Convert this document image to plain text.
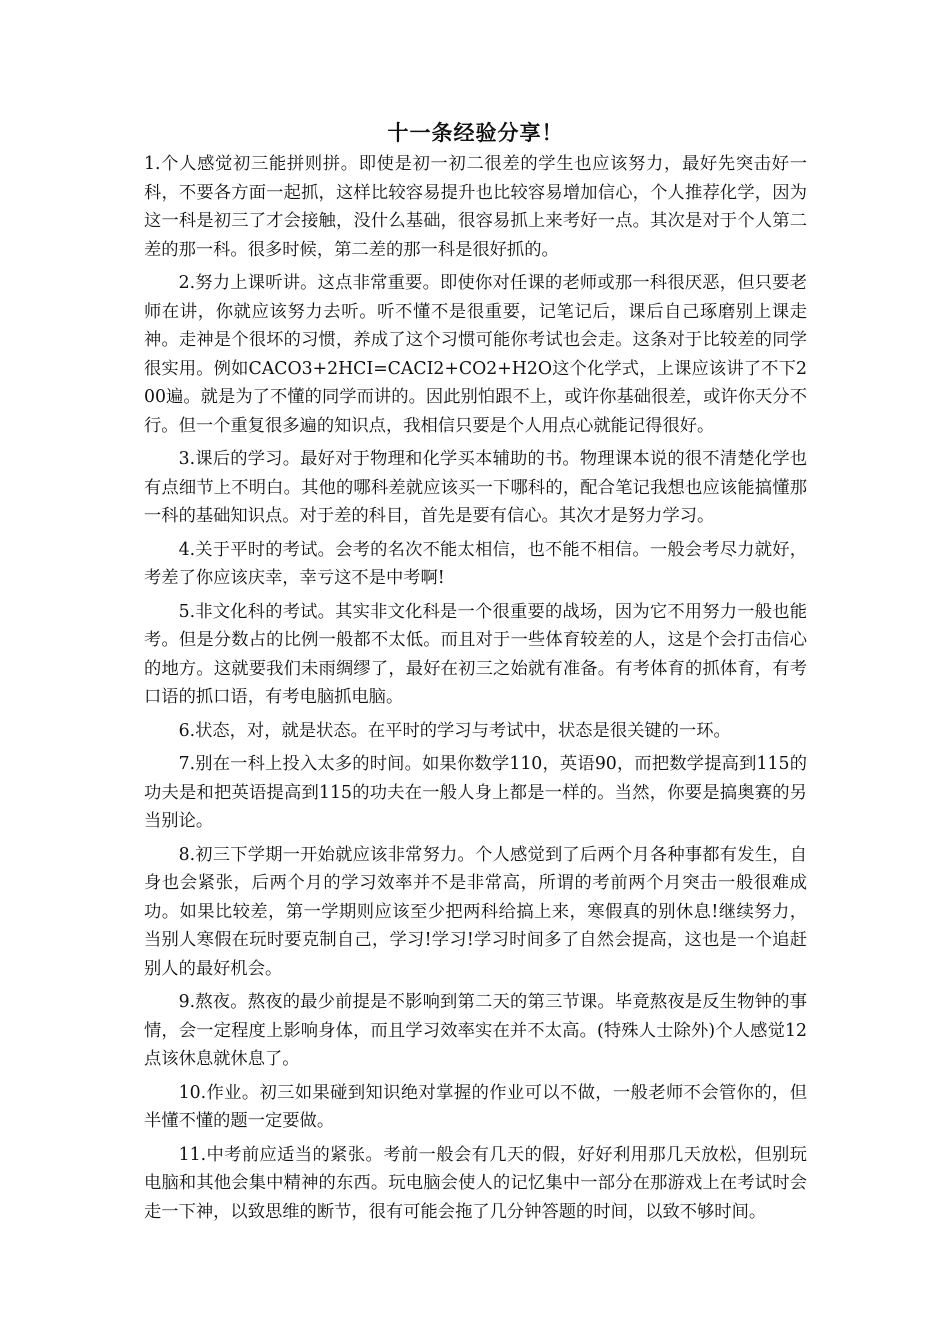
十一条经验分享！

1.个人感觉初三能拼则拼。即使是初一初二很差的学生也应该努力，最好先突击好一科，不要各方面一起抓，这样比较容易提升也比较容易增加信心，个人推荐化学，因为这一科是初三了才会接触，没什么基础，很容易抓上来考好一点。其次是对于个人第二差的那一科。很多时候，第二差的那一科是很好抓的。

2.努力上课听讲。这点非常重要。即使你对任课的老师或那一科很厌恶，但只要老师在讲，你就应该努力去听。听不懂不是很重要，记笔记后，课后自己琢磨别上课走神。走神是个很坏的习惯，养成了这个习惯可能你考试也会走。这条对于比较差的同学很实用。例如CACO3+2HCI=CACI2+CO2+H2O这个化学式，上课应该讲了不下200遍。就是为了不懂的同学而讲的。因此别怕跟不上，或许你基础很差，或许你天分不行。但一个重复很多遍的知识点，我相信只要是个人用点心就能记得很好。

3.课后的学习。最好对于物理和化学买本辅助的书。物理课本说的很不清楚化学也有点细节上不明白。其他的哪科差就应该买一下哪科的，配合笔记我想也应该能搞懂那一科的基础知识点。对于差的科目，首先是要有信心。其次才是努力学习。

4.关于平时的考试。会考的名次不能太相信，也不能不相信。一般会考尽力就好，考差了你应该庆幸，幸亏这不是中考啊!

5.非文化科的考试。其实非文化科是一个很重要的战场，因为它不用努力一般也能考。但是分数占的比例一般都不太低。而且对于一些体育较差的人，这是个会打击信心的地方。这就要我们未雨绸缪了，最好在初三之始就有准备。有考体育的抓体育，有考口语的抓口语，有考电脑抓电脑。

6.状态，对，就是状态。在平时的学习与考试中，状态是很关键的一环。

7.别在一科上投入太多的时间。如果你数学110，英语90，而把数学提高到115的功夫是和把英语提高到115的功夫在一般人身上都是一样的。当然，你要是搞奥赛的另当别论。

8.初三下学期一开始就应该非常努力。个人感觉到了后两个月各种事都有发生，自身也会紧张，后两个月的学习效率并不是非常高，所谓的考前两个月突击一般很难成功。如果比较差，第一学期则应该至少把两科给搞上来，寒假真的别休息!继续努力，当别人寒假在玩时要克制自己，学习!学习!学习时间多了自然会提高，这也是一个追赶别人的最好机会。

9.熬夜。熬夜的最少前提是不影响到第二天的第三节课。毕竟熬夜是反生物钟的事情，会一定程度上影响身体，而且学习效率实在并不太高。(特殊人士除外)个人感觉12点该休息就休息了。

10.作业。初三如果碰到知识绝对掌握的作业可以不做，一般老师不会管你的，但半懂不懂的题一定要做。

11.中考前应适当的紧张。考前一般会有几天的假，好好利用那几天放松，但别玩电脑和其他会集中精神的东西。玩电脑会使人的记忆集中一部分在那游戏上在考试时会走一下神，以致思维的断节，很有可能会拖了几分钟答题的时间，以致不够时间。
